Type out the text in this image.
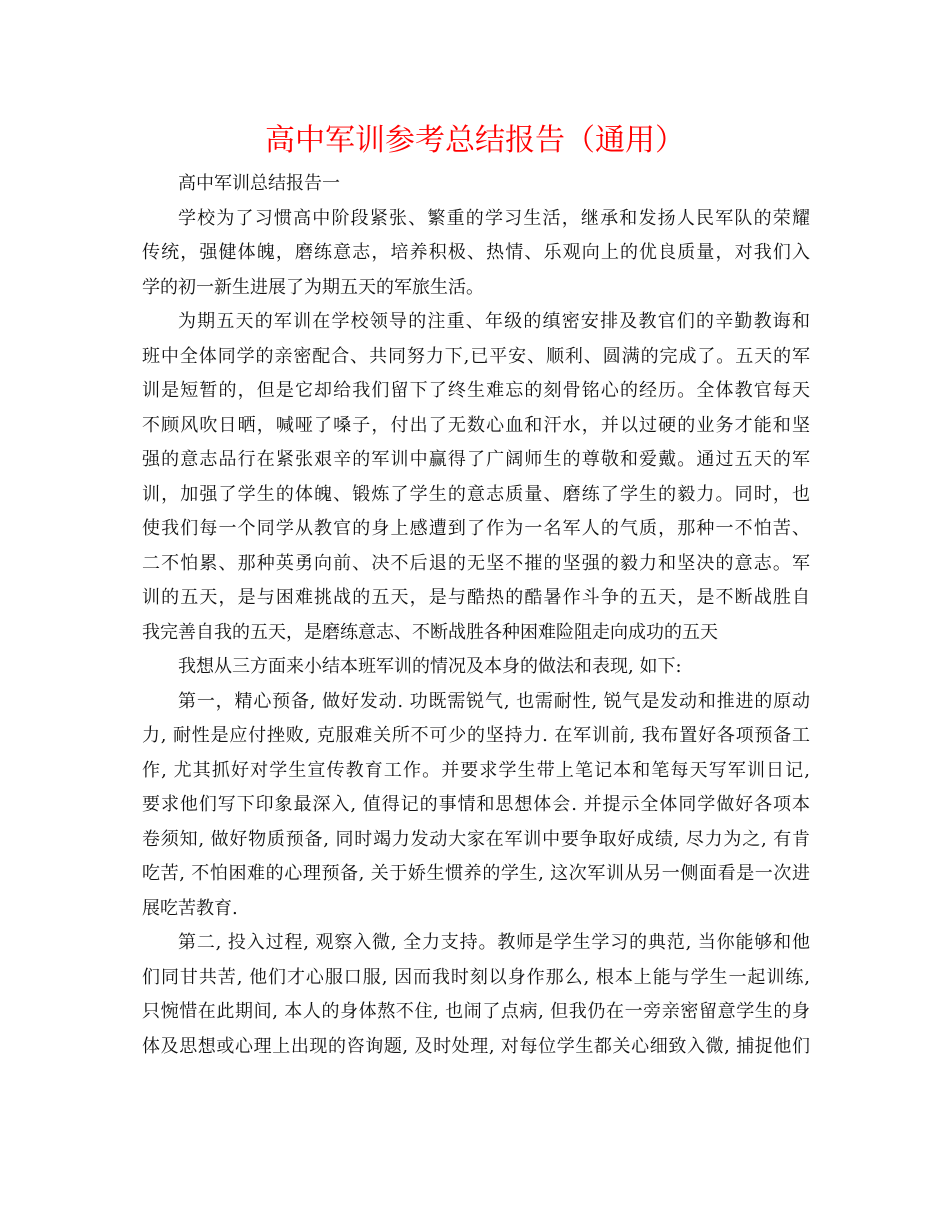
高中军训参考总结报告（通用）
高中军训总结报告一
学校为了习惯高中阶段紧张、繁重的学习生活，继承和发扬人民军队的荣耀
传统，强健体魄，磨练意志，培养积极、热情、乐观向上的优良质量，对我们入
学的初一新生进展了为期五天的军旅生活。
为期五天的军训在学校领导的注重、年级的缜密安排及教官们的辛勤教诲和
班中全体同学的亲密配合、共同努力下,已平安、顺利、圆满的完成了。五天的军
训是短暂的，但是它却给我们留下了终生难忘的刻骨铭心的经历。全体教官每天
不顾风吹日晒，喊哑了嗓子，付出了无数心血和汗水，并以过硬的业务才能和坚
强的意志品行在紧张艰辛的军训中赢得了广阔师生的尊敬和爱戴。通过五天的军
训，加强了学生的体魄、锻炼了学生的意志质量、磨练了学生的毅力。同时，也
使我们每一个同学从教官的身上感遭到了作为一名军人的气质，那种一不怕苦、
二不怕累、那种英勇向前、决不后退的无坚不摧的坚强的毅力和坚决的意志。军
训的五天，是与困难挑战的五天，是与酷热的酷暑作斗争的五天，是不断战胜自
我完善自我的五天，是磨练意志、不断战胜各种困难险阻走向成功的五天
我想从三方面来小结本班军训的情况及本身的做法和表现, 如下:
第一，精心预备, 做好发动. 功既需锐气, 也需耐性, 锐气是发动和推进的原动
力, 耐性是应付挫败, 克服难关所不可少的坚持力. 在军训前, 我布置好各项预备工
作, 尤其抓好对学生宣传教育工作。并要求学生带上笔记本和笔每天写军训日记,
要求他们写下印象最深入, 值得记的事情和思想体会. 并提示全体同学做好各项本
卷须知, 做好物质预备, 同时竭力发动大家在军训中要争取好成绩, 尽力为之, 有肯
吃苦, 不怕困难的心理预备, 关于娇生惯养的学生, 这次军训从另一侧面看是一次进
展吃苦教育.
第二, 投入过程, 观察入微, 全力支持。教师是学生学习的典范, 当你能够和他
们同甘共苦, 他们才心服口服, 因而我时刻以身作那么, 根本上能与学生一起训练,
只惋惜在此期间, 本人的身体熬不住, 也闹了点病, 但我仍在一旁亲密留意学生的身
体及思想或心理上出现的咨询题, 及时处理, 对每位学生都关心细致入微, 捕捉他们
